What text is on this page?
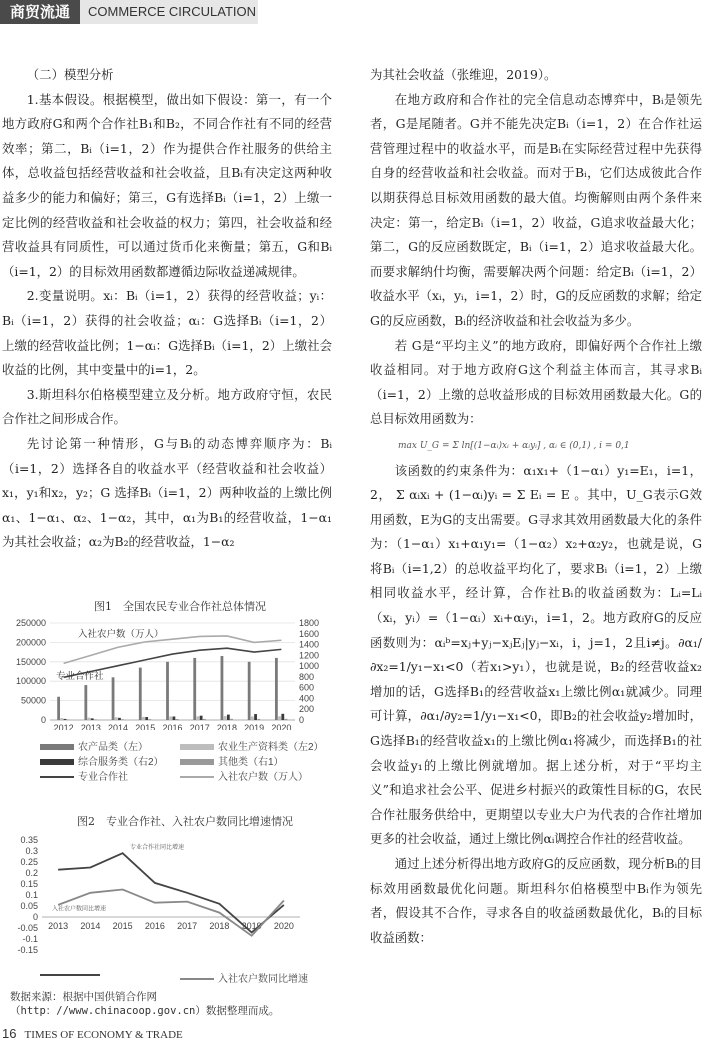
商贸流通	COMMERCE CIRCULATION

（二）模型分析

1.基本假设。根据模型，做出如下假设：第一，有一个地方政府G和两个合作社B₁和B₂，不同合作社有不同的经营效率；第二，Bᵢ（i=1，2）作为提供合作社服务的供给主体，总收益包括经营收益和社会收益，且Bᵢ有决定这两种收益多少的能力和偏好；第三，G有选择Bᵢ（i=1，2）上缴一定比例的经营收益和社会收益的权力；第四，社会收益和经营收益具有同质性，可以通过货币化来衡量；第五，G和Bᵢ（i=1，2）的目标效用函数都遵循边际收益递减规律。

2.变量说明。xᵢ：Bᵢ（i=1，2）获得的经营收益；yᵢ：Bᵢ（i=1，2）获得的社会收益；αᵢ：G选择Bᵢ（i=1，2） 上缴的经营收益比例；1−αᵢ：G选择Bᵢ（i=1，2）上缴社会收益的比例，其中变量中的i=1，2。

3.斯坦科尔伯格模型建立及分析。地方政府守恒，农民合作社之间形成合作。

先讨论第一种情形，G与Bᵢ的动态博弈顺序为：Bᵢ（i=1，2）选择各自的收益水平（经营收益和社会收益）x₁，y₁和x₂，y₂；G 选择Bᵢ（i=1，2）两种收益的上缴比例α₁、1−α₁、α₂、1−α₂，其中，α₁为B₁的经营收益，1−α₁为其社会收益；α₂为B₂的经营收益，1−α₂

图1　全国农民专业合作社总体情况
250000
200000
150000
100000
50000
0
1800
1600
1400
1200
1000
800
600
400
200
0
2012 2013 2014 2015 2016 2017 2018 2019 2020
入社农户数（万人）
专业合作社
农产品类（左）	农业生产资料类（左2）
综合服务类（右2）	其他类（右1）
专业合作社	入社农户数（万人）
图2　专业合作社、入社农户数同比增速情况
0.35
0.3
0.25
0.2
0.15
0.1
0.05
0
-0.05
-0.1
-0.15
2013 2014 2015 2016 2017 2018 2019 2020
专业合作社同比增速
入社农户数同比增速
入社农户数同比增速
数据来源：根据中国供销合作网（http：//www.chinacoop.gov.cn）数据整理而成。

为其社会收益（张维迎，2019）。

在地方政府和合作社的完全信息动态博弈中，Bᵢ是领先者，G是尾随者。G并不能先决定Bᵢ（i=1，2）在合作社运营管理过程中的收益水平，而是Bᵢ在实际经营过程中先获得自身的经营收益和社会收益。而对于Bᵢ，它们达成彼此合作以期获得总目标效用函数的最大值。均衡解则由两个条件来决定：第一，给定Bᵢ（i=1，2）收益，G追求收益最大化；第二，G的反应函数既定，Bᵢ（i=1，2）追求收益最大化。而要求解纳什均衡，需要解决两个问题：给定Bᵢ（i=1，2）收益水平（xᵢ，yᵢ，i=1，2）时，G的反应函数的求解；给定G的反应函数，Bᵢ的经济收益和社会收益为多少。

若 G是“平均主义”的地方政府，即偏好两个合作社上缴收益相同。对于地方政府G这个利益主体而言，其寻求Bᵢ（i=1，2）上缴的总收益形成的目标效用函数最大化。G的总目标效用函数为：

max U_G = Σ ln[(1−αᵢ)xᵢ + αᵢyᵢ] , αᵢ ∈ (0,1) , i = 0,1

该函数的约束条件为：α₁x₁+（1−α₁）y₁=E₁，i=1，2， Σ αᵢxᵢ + (1−αᵢ)yᵢ = Σ Eᵢ = E 。其中，U_G表示G效用函数，E为G的支出需要。G寻求其效用函数最大化的条件为：（1−α₁）x₁+α₁y₁=（1−α₂）x₂+α₂y₂，也就是说，G将Bᵢ（i=1,2）的总收益平均化了，要求Bᵢ（i=1，2）上缴相同收益水平，经计算，合作社Bᵢ的收益函数为：Lᵢ=Lᵢ（xᵢ，yᵢ）=（1−αᵢ）xᵢ+αᵢyᵢ，i=1，2。地方政府G的反应函数则为：αᵢᵇ=xⱼ+yⱼ−xⱼEⱼ|yⱼ−xᵢ，i，j=1，2且i≠j。∂α₁/∂x₂=1/y₁−x₁<0（若x₁>y₁），也就是说，B₂的经营收益x₂增加的话，G选择B₁的经营收益x₁上缴比例α₁就减少。同理可计算，∂α₁/∂y₂=1/y₁−x₁<0，即B₂的社会收益y₂增加时，G选择B₁的经营收益x₁的上缴比例α₁将减少，而选择B₁的社会收益y₁的上缴比例就增加。据上述分析，对于“平均主义”和追求社会公平、促进乡村振兴的政策性目标的G，农民合作社服务供给中，更期望以专业大户为代表的合作社增加更多的社会收益，通过上缴比例αᵢ调控合作社的经营收益。

通过上述分析得出地方政府G的反应函数，现分析Bᵢ的目标效用函数最优化问题。斯坦科尔伯格模型中Bᵢ作为领先者，假设其不合作，寻求各自的收益函数最优化，Bᵢ的目标收益函数：

16 TIMES OF ECONOMY & TRADE
